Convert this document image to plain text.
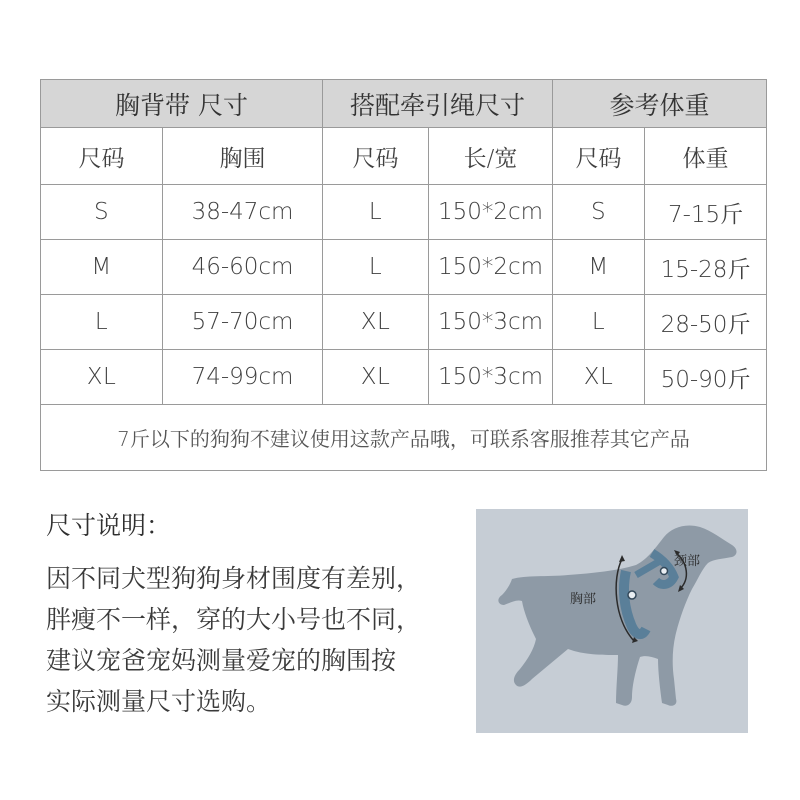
胸背带 尺寸		搭配牵引绳尺寸		参考体重	
尺码	胸围	尺码	长/宽	尺码	体重
S	38-47cm	L	150*2cm	S	7-15斤
M	46-60cm	L	150*2cm	M	15-28斤
L	57-70cm	XL	150*3cm	L	28-50斤
XL	74-99cm	XL	150*3cm	XL	50-90斤
7斤以下的狗狗不建议使用这款产品哦，可联系客服推荐其它产品					
尺寸说明：
因不同犬型狗狗身材围度有差别，
胖瘦不一样，穿的大小号也不同，
建议宠爸宠妈测量爱宠的胸围按
实际测量尺寸选购。
颈部
胸部
